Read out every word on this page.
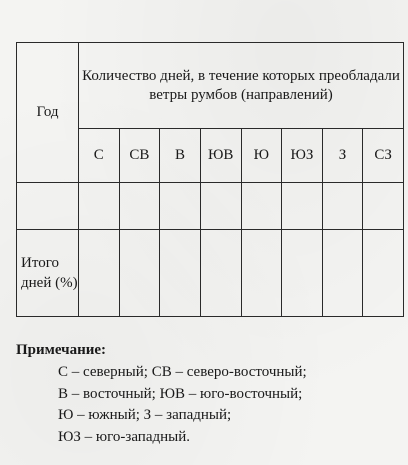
Год	Количество дней, в течение которых преобладали ветры румбов (направлений)							
	С	СВ	В	ЮВ	Ю	ЮЗ	З	СЗ

Итого дней (%)								
Примечание:
С – северный; СВ – северо-восточный;
В – восточный; ЮВ – юго-восточный;
Ю – южный; З – западный;
ЮЗ – юго-западный.
